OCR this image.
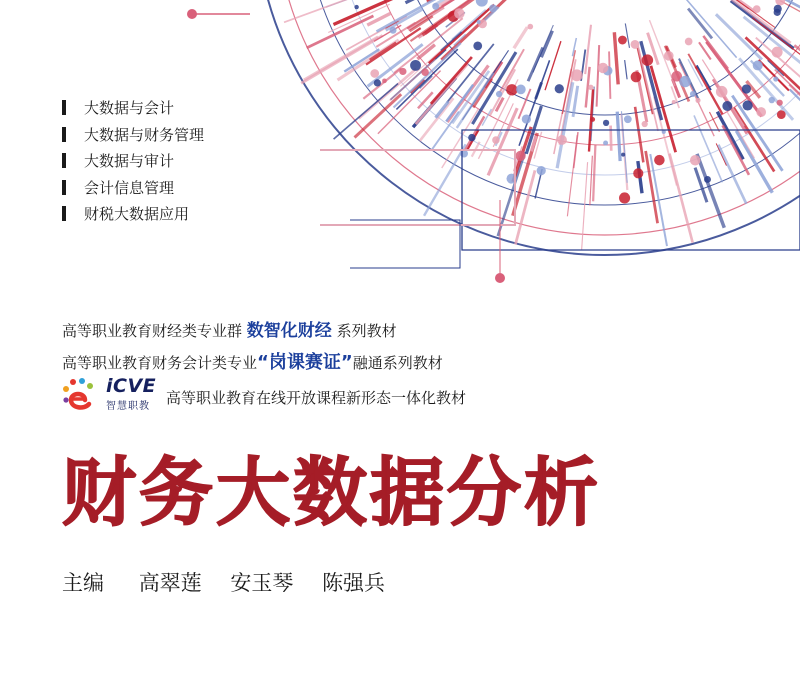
大数据与会计
大数据与财务管理
大数据与审计
会计信息管理
财税大数据应用
高等职业教育财经类专业群 数智化财经 系列教材
高等职业教育财务会计类专业“岗课赛证”融通系列教材
iCVE
智慧职教 高等职业教育在线开放课程新形态一体化教材
财务大数据分析
主编 高翠莲 安玉琴 陈强兵
